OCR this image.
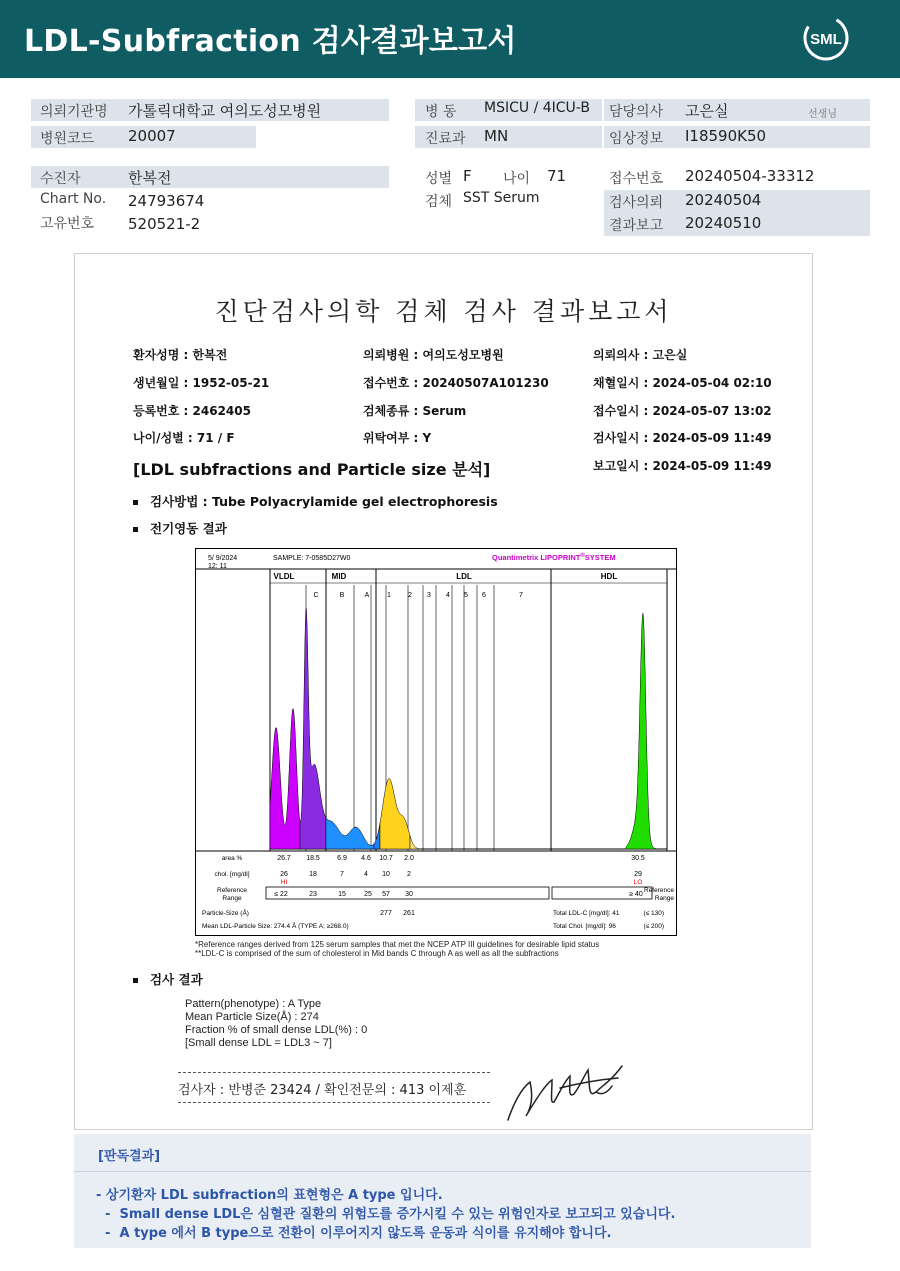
LDL-Subfraction 검사결과보고서	SML
의뢰기관명 가톨릭대학교 여의도성모병원	병 동 MSICU / 4ICU-B 담당의사 고은실	선생님
병원코드 20007	진료과 MN	임상정보 I18590K50
수진자	한복전	성별 F 나이 71	접수번호 20240504-33312
Chart No. 24793674	검체 SST Serum	검사의뢰 20240504
고유번호 520521-2	결과보고 20240510
진단검사의학 검체 검사 결과보고서
환자성명 : 한복전	의뢰병원 : 여의도성모병원	의뢰의사 : 고은실
생년월일 : 1952-05-21	접수번호 : 20240507A101230	채혈일시 : 2024-05-04 02:10
등록번호 : 2462405	검체종류 : Serum	접수일시 : 2024-05-07 13:02
나이/성별 : 71 / F	위탁여부 : Y	검사일시 : 2024-05-09 11:49
[LDL subfractions and Particle size 분석]	보고일시 : 2024-05-09 11:49
검사방법 : Tube Polyacrylamide gel electrophoresis
전기영동 결과
5/ 9/2024
12: 11
SAMPLE: 7-0585D27W0	Quantimetrix LIPOPRINT®SYSTEM
VLDL	MID	LDL	HDL
C	B	A	1 2 3 4 5 6	7
area %	26.7 18.5 6.9 4.6 10.7 2.0	30.5
chol. [mg/dl]	26	18	7	4 10 2	29
HI	LO
Reference
Range
≤ 22	23	15	25 57 30	≥ 40
Reference
Range
Particle-Size (Å)	277 261
Mean LDL-Particle Size: 274.4 Å (TYPE A; ≥268.0)
Total LDL-C [mg/dl]: 41	(≤ 130)
Total Chol. [mg/dl]: 96	(≤ 200)
*Reference ranges derived from 125 serum samples that met the NCEP ATP III guidelines for desirable lipid status
**LDL-C is comprised of the sum of cholesterol in Mid bands C through A as well as all the subfractions
검사 결과
Pattern(phenotype) : A Type
Mean Particle Size(Å) : 274
Fraction % of small dense LDL(%) : 0
[Small dense LDL = LDL3 ~ 7]
검사자 : 반병준 23424 / 확인전문의 : 413 이제훈
[판독결과]
- 상기환자 LDL subfraction의 표현형은 A type 입니다.
-  Small dense LDL은 심혈관 질환의 위험도를 증가시킬 수 있는 위험인자로 보고되고 있습니다.
-  A type 에서 B type으로 전환이 이루어지지 않도록 운동과 식이를 유지해야 합니다.
